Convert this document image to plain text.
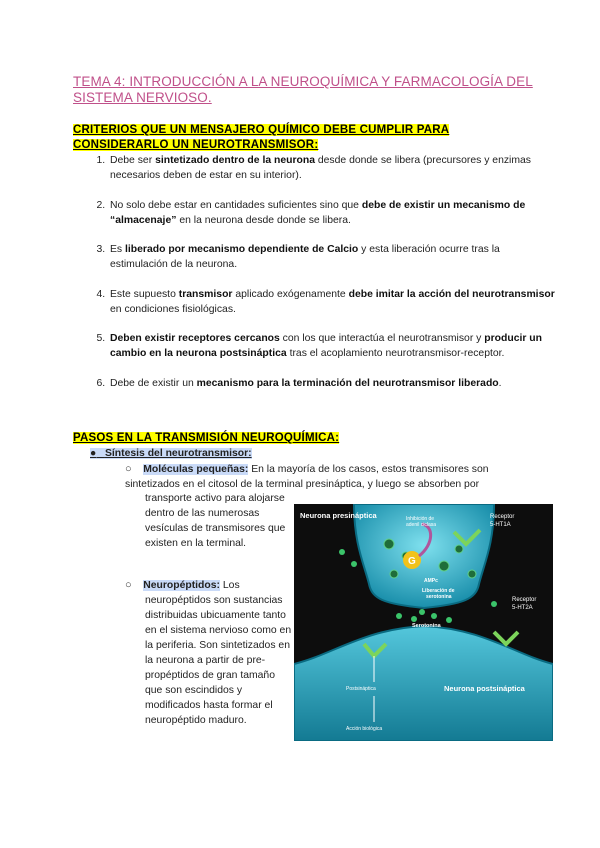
TEMA 4: INTRODUCCIÓN A LA NEUROQUÍMICA Y FARMACOLOGÍA DEL SISTEMA NERVIOSO.
CRITERIOS QUE UN MENSAJERO QUÍMICO DEBE CUMPLIR PARA CONSIDERARLO UN NEUROTRANSMISOR:
1. Debe ser sintetizado dentro de la neurona desde donde se libera (precursores y enzimas necesarios deben de estar en su interior).
2. No solo debe estar en cantidades suficientes sino que debe de existir un mecanismo de “almacenaje” en la neurona desde donde se libera.
3. Es liberado por mecanismo dependiente de Calcio y esta liberación ocurre tras la estimulación de la neurona.
4. Este supuesto transmisor aplicado exógenamente debe imitar la acción del neurotransmisor en condiciones fisiológicas.
5. Deben existir receptores cercanos con los que interactúa el neurotransmisor y producir un cambio en la neurona postsináptica tras el acoplamiento neurotransmisor-receptor.
6. Debe de existir un mecanismo para la terminación del neurotransmisor liberado.
PASOS EN LA TRANSMISIÓN NEUROQUÍMICA:
● Síntesis del neurotransmisor:
○ Moléculas pequeñas: En la mayoría de los casos, estos transmisores son sintetizados en el citosol de la terminal presináptica, y luego se absorben por
transporte activo para alojarse dentro de las numerosas vesículas de transmisores que existen en la terminal.
○ Neuropéptidos: Los
neuropéptidos son sustancias distribuidas ubicuamente tanto en el sistema nervioso como en la periferia. Son sintetizados en la neurona a partir de pre-propéptidos de gran tamaño que son escindidos y modificados hasta formar el neuropéptido maduro.
G
Neurona presináptica	Inhibición de
adenil ciclasa
Receptor
5-HT1A
AMPc
Liberación de
serotonina	Receptor
5-HT2A
Serotonina
Neurona postsináptica
Postsináptica
Acción biológica
